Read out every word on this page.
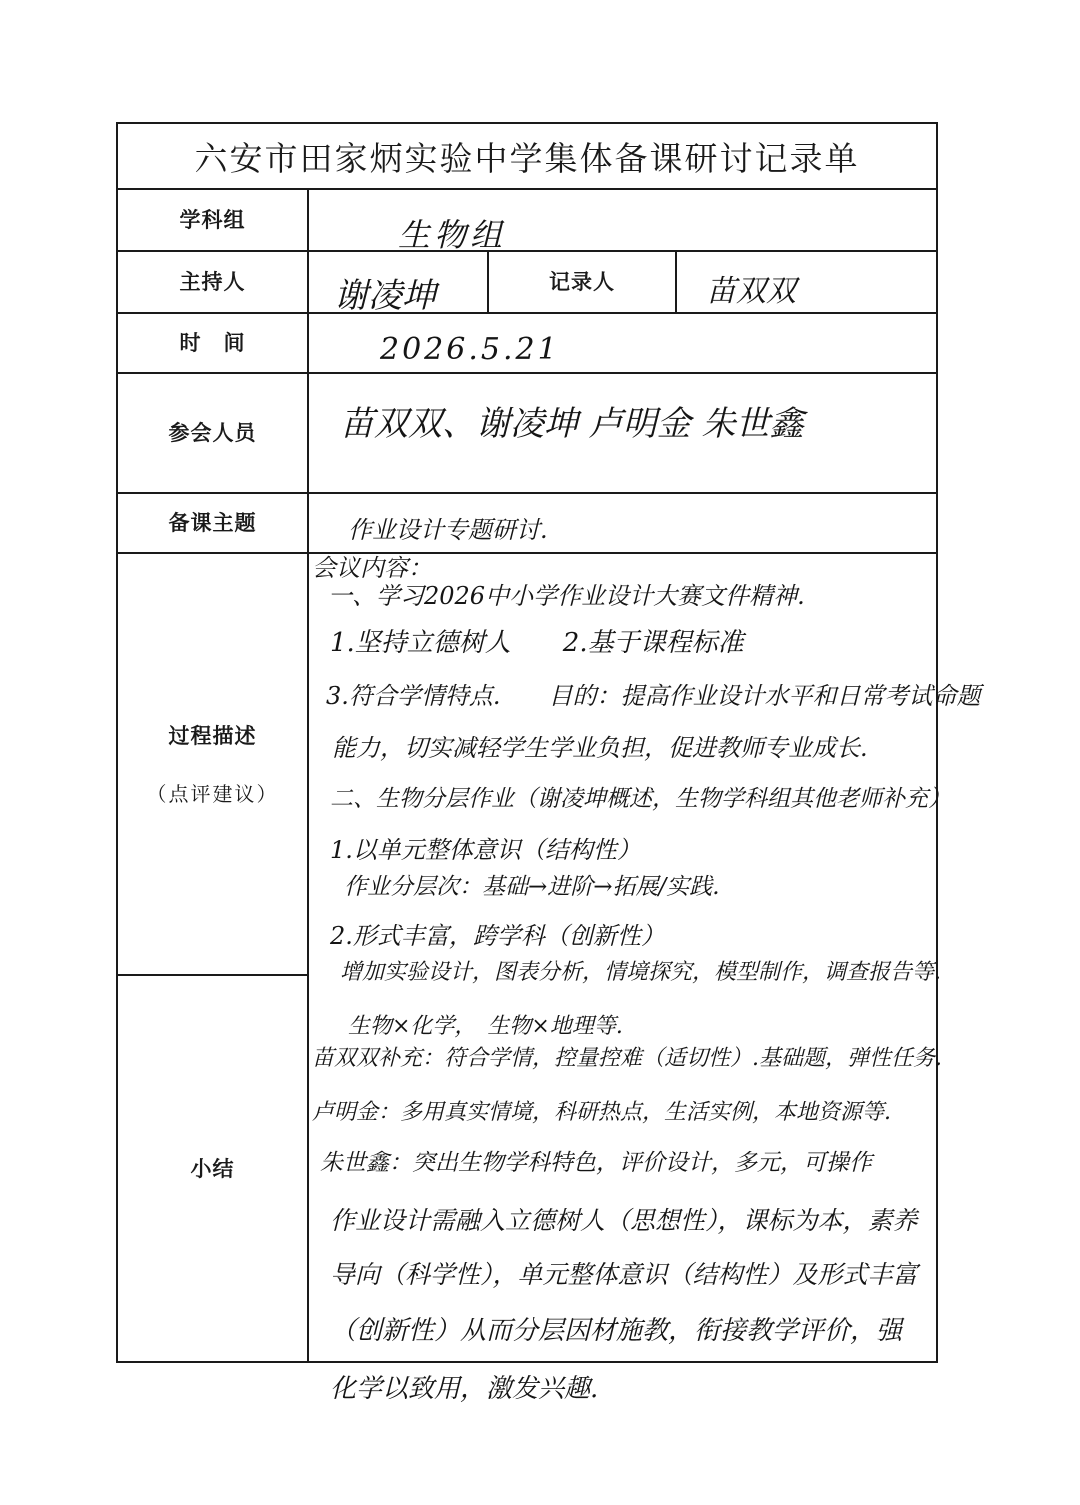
六安市田家炳实验中学集体备课研讨记录单
学科组
主持人	记录人
时　间
参会人员
备课主题
过程描述
（点评建议）
小结
生物组
谢凌坤	苗双双
2026.5.21
苗双双、谢凌坤 卢明金 朱世鑫
作业设计专题研讨.
会议内容：
一、学习2026中小学作业设计大赛文件精神.
1.坚持立德树人　　2.基于课程标准
3.符合学情特点.　　目的：提高作业设计水平和日常考试命题
能力，切实减轻学生学业负担，促进教师专业成长.
二、生物分层作业（谢凌坤概述，生物学科组其他老师补充）
1.以单元整体意识（结构性）
作业分层次：基础→进阶→拓展/实践.
2.形式丰富，跨学科（创新性）
增加实验设计，图表分析，情境探究，模型制作，调查报告等.
生物×化学，　生物×地理等.
苗双双补充：符合学情，控量控难（适切性）.基础题，弹性任务.
卢明金：多用真实情境，科研热点，生活实例，本地资源等.
朱世鑫：突出生物学科特色，评价设计，多元，可操作
作业设计需融入立德树人（思想性），课标为本，素养
导向（科学性），单元整体意识（结构性）及形式丰富
（创新性）从而分层因材施教，衔接教学评价，强
化学以致用，激发兴趣.
